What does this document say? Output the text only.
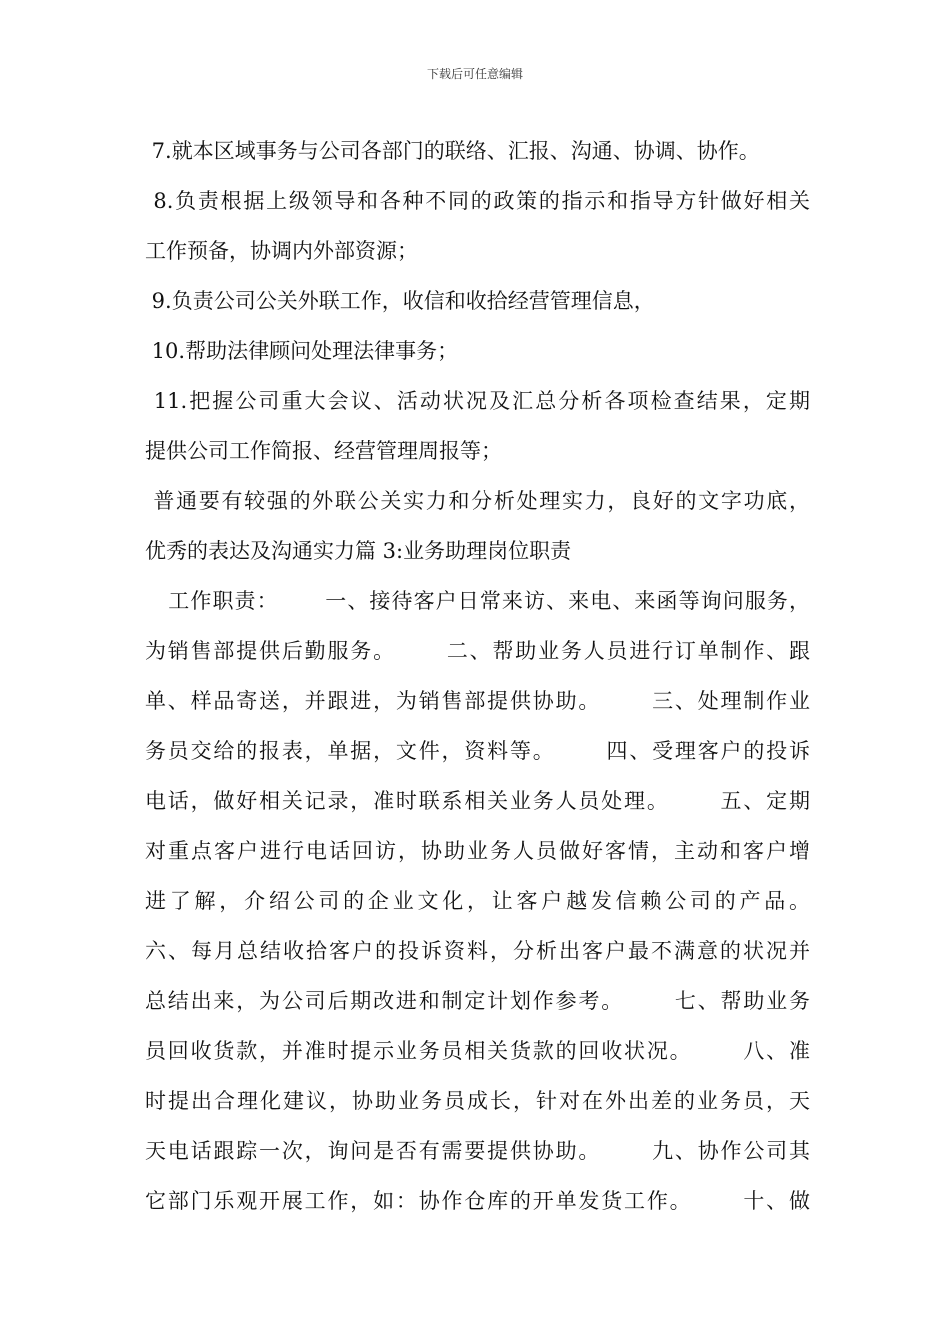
下载后可任意编辑
7.就本区域事务与公司各部门的联络、汇报、沟通、协调、协作。
8.负责根据上级领导和各种不同的政策的指示和指导方针做好相关
工作预备，协调内外部资源；
9.负责公司公关外联工作，收信和收拾经营管理信息，
10.帮助法律顾问处理法律事务；
11.把握公司重大会议、活动状况及汇总分析各项检查结果，定期
提供公司工作简报、经营管理周报等；
普通要有较强的外联公关实力和分析处理实力，良好的文字功底，
优秀的表达及沟通实力篇 3:业务助理岗位职责
工作职责：      一、接待客户日常来访、来电、来函等询问服务，
为销售部提供后勤服务。      二、帮助业务人员进行订单制作、跟
单、样品寄送，并跟进，为销售部提供协助。      三、处理制作业
务员交给的报表，单据，文件，资料等。      四、受理客户的投诉
电话，做好相关记录，准时联系相关业务人员处理。      五、定期
对重点客户进行电话回访，协助业务人员做好客情，主动和客户增
进了解，介绍公司的企业文化，让客户越发信赖公司的产品。
六、每月总结收拾客户的投诉资料，分析出客户最不满意的状况并
总结出来，为公司后期改进和制定计划作参考。      七、帮助业务
员回收货款，并准时提示业务员相关货款的回收状况。      八、准
时提出合理化建议，协助业务员成长，针对在外出差的业务员，天
天电话跟踪一次，询问是否有需要提供协助。      九、协作公司其
它部门乐观开展工作，如：协作仓库的开单发货工作。      十、做
